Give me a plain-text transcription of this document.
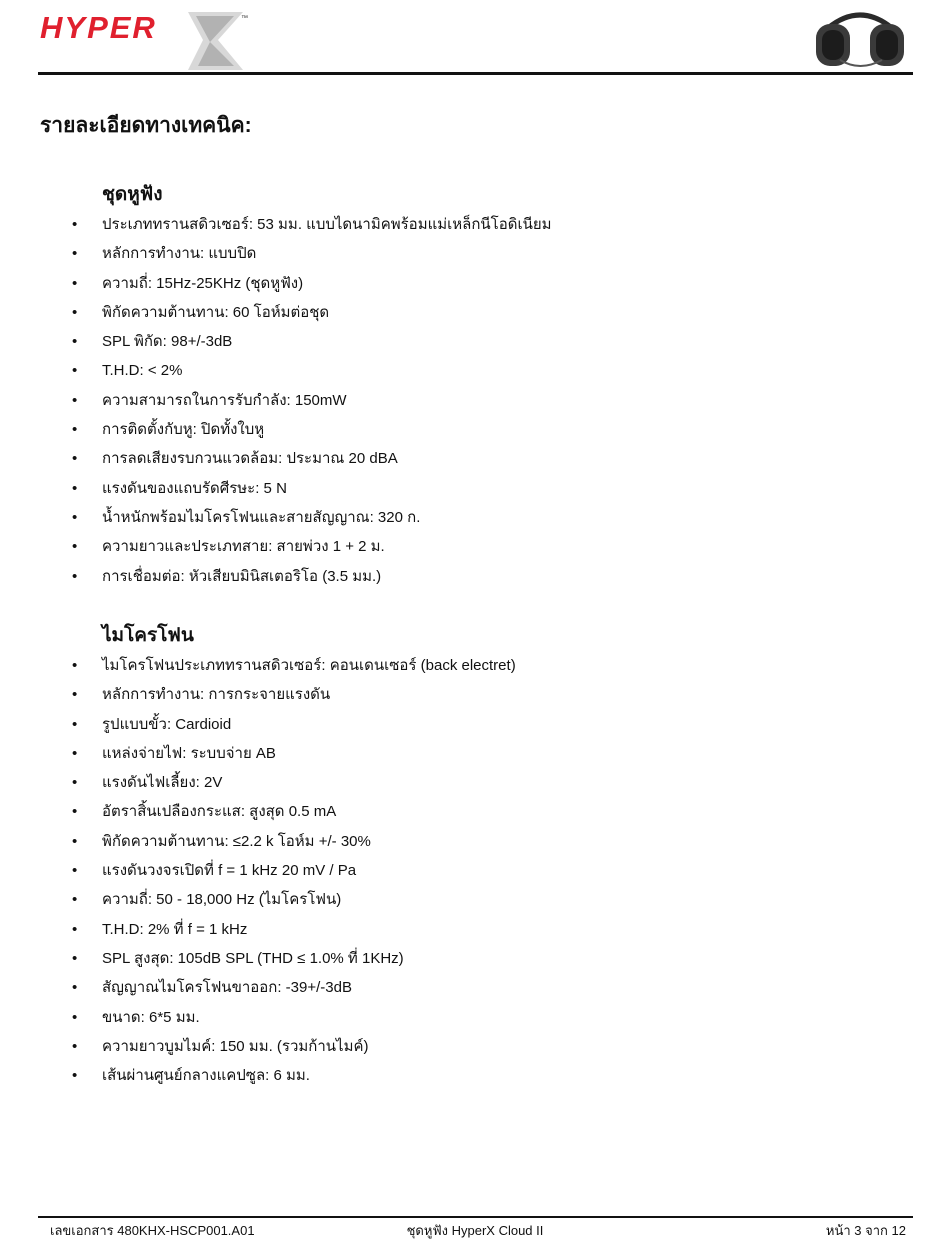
HYPER	™
รายละเอียดทางเทคนิค:
ชุดหูฟัง
• ประเภททรานสดิวเซอร์: 53 มม. แบบไดนามิคพร้อมแม่เหล็กนีโอดิเนียม
• หลักการทำงาน: แบบปิด
• ความถี่: 15Hz-25KHz (ชุดหูฟัง)
• พิกัดความต้านทาน: 60 โอห์มต่อชุด
• SPL พิกัด: 98+/-3dB
• T.H.D: < 2%
• ความสามารถในการรับกำลัง: 150mW
• การติดตั้งกับหู: ปิดทั้งใบหู
• การลดเสียงรบกวนแวดล้อม: ประมาณ 20 dBA
• แรงดันของแถบรัดศีรษะ: 5 N
• น้ำหนักพร้อมไมโครโฟนและสายสัญญาณ: 320 ก.
• ความยาวและประเภทสาย: สายพ่วง 1 + 2 ม.
• การเชื่อมต่อ: หัวเสียบมินิสเตอริโอ (3.5 มม.)
ไมโครโฟน
• ไมโครโฟนประเภททรานสดิวเซอร์: คอนเดนเซอร์ (back electret)
• หลักการทำงาน: การกระจายแรงดัน
• รูปแบบขั้ว: Cardioid
• แหล่งจ่ายไฟ: ระบบจ่าย AB
• แรงดันไฟเลี้ยง: 2V
• อัตราสิ้นเปลืองกระแส: สูงสุด 0.5 mA
• พิกัดความต้านทาน: ≤2.2 k โอห์ม +/- 30%
• แรงดันวงจรเปิดที่ f = 1 kHz 20 mV / Pa
• ความถี่: 50 - 18,000 Hz (ไมโครโฟน)
• T.H.D: 2% ที่ f = 1 kHz
• SPL สูงสุด: 105dB SPL (THD ≤ 1.0% ที่ 1KHz)
• สัญญาณไมโครโฟนขาออก: -39+/-3dB
• ขนาด: 6*5 มม.
• ความยาวบูมไมค์: 150 มม. (รวมก้านไมค์)
• เส้นผ่านศูนย์กลางแคปซูล: 6 มม.
เลขเอกสาร 480KHX-HSCP001.A01	ชุดหูฟัง HyperX Cloud II	หน้า 3 จาก 12
